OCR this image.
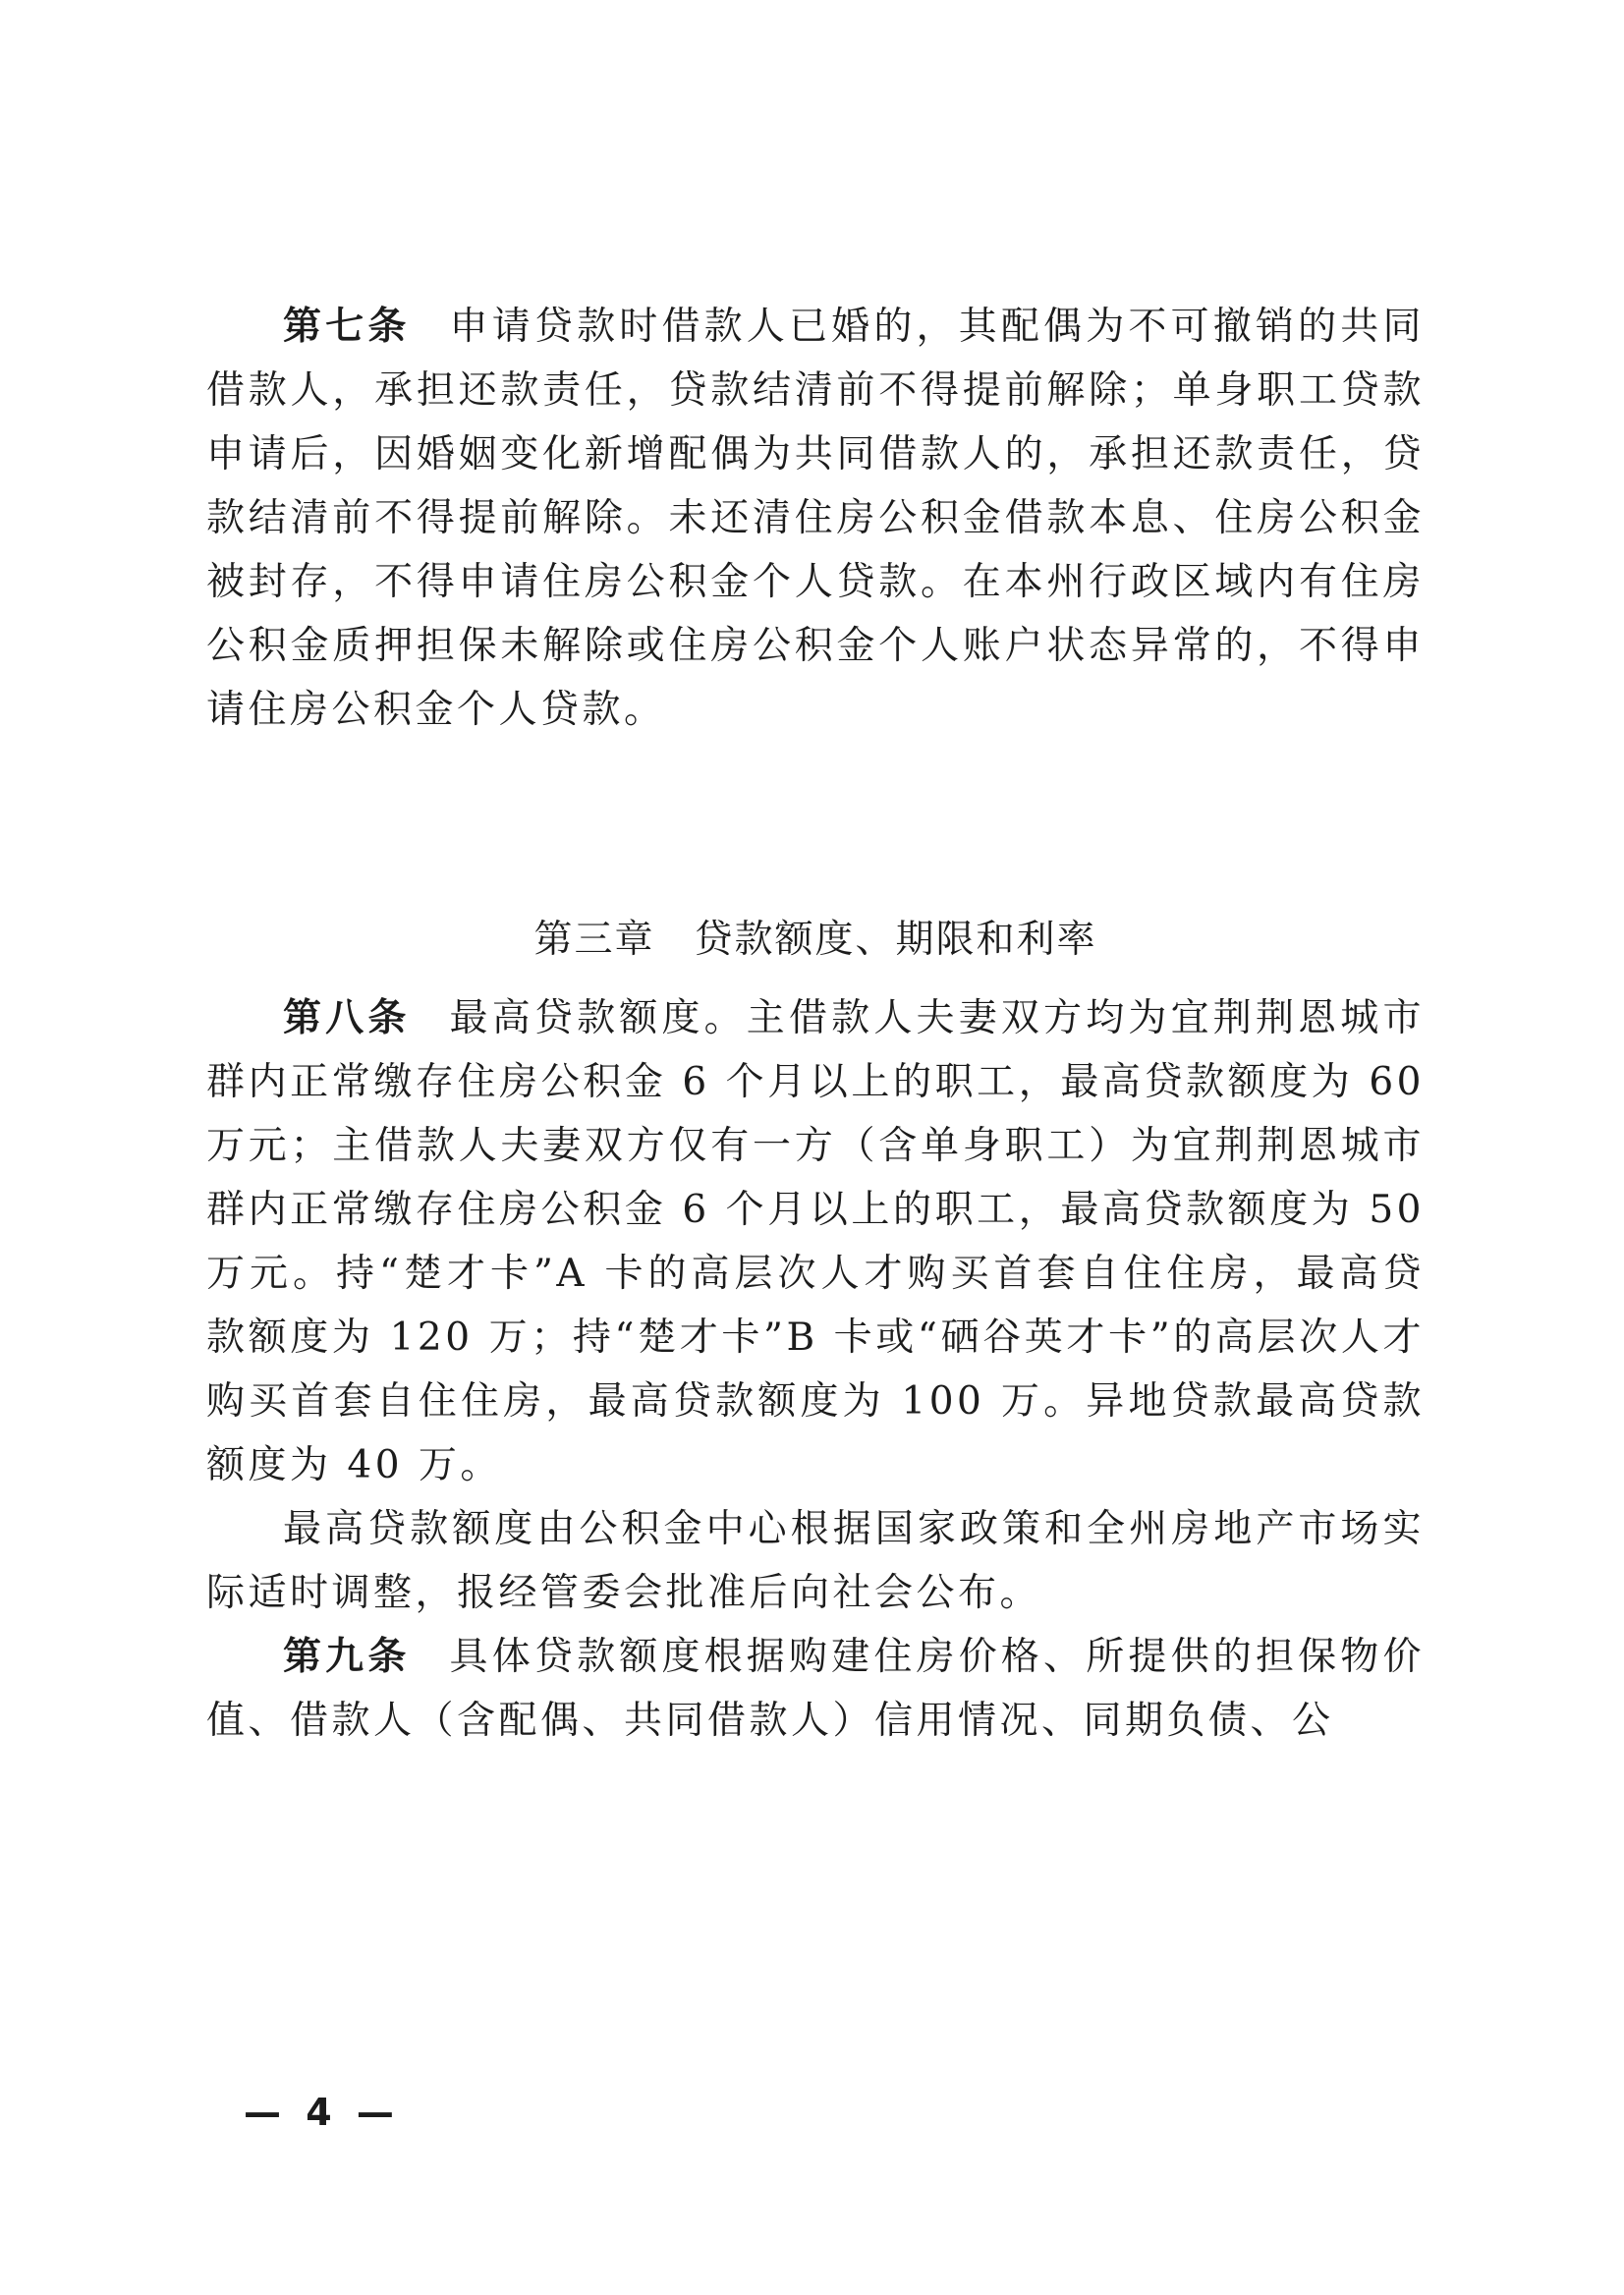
第七条 申请贷款时借款人已婚的，其配偶为不可撤销的共同借款人，承担还款责任，贷款结清前不得提前解除；单身职工贷款申请后，因婚姻变化新增配偶为共同借款人的，承担还款责任，贷款结清前不得提前解除。未还清住房公积金借款本息、住房公积金被封存，不得申请住房公积金个人贷款。在本州行政区域内有住房公积金质押担保未解除或住房公积金个人账户状态异常的，不得申请住房公积金个人贷款。

第三章 贷款额度、期限和利率

第八条 最高贷款额度。主借款人夫妻双方均为宜荆荆恩城市群内正常缴存住房公积金 6 个月以上的职工，最高贷款额度为 60 万元；主借款人夫妻双方仅有一方（含单身职工）为宜荆荆恩城市群内正常缴存住房公积金 6 个月以上的职工，最高贷款额度为 50 万元。持“楚才卡”A 卡的高层次人才购买首套自住住房，最高贷款额度为 120 万；持“楚才卡”B 卡或“硒谷英才卡”的高层次人才购买首套自住住房，最高贷款额度为 100 万。异地贷款最高贷款额度为 40 万。

最高贷款额度由公积金中心根据国家政策和全州房地产市场实际适时调整，报经管委会批准后向社会公布。

第九条 具体贷款额度根据购建住房价格、所提供的担保物价值、借款人（含配偶、共同借款人）信用情况、同期负债、公

— 4 —
